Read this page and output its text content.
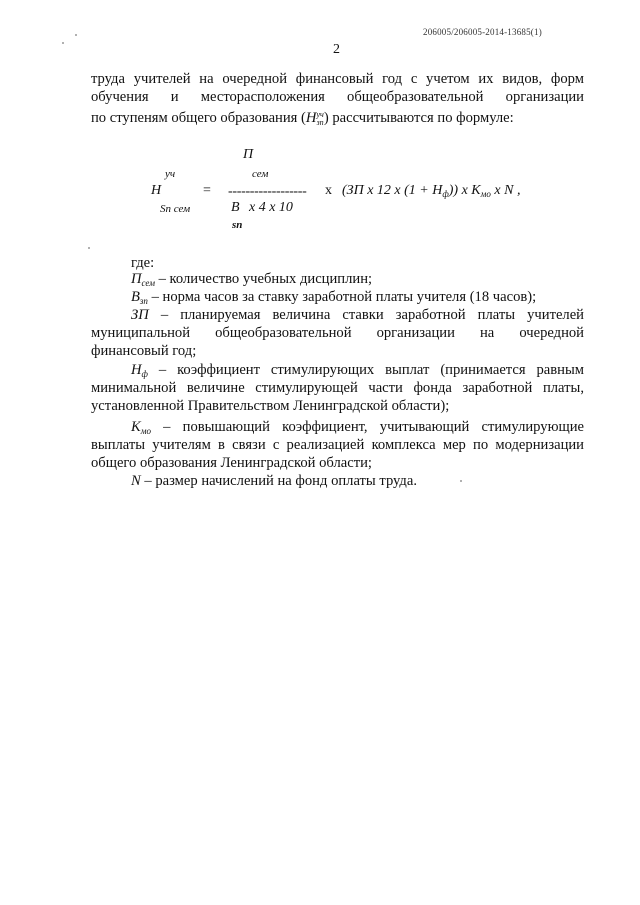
206005/206005-2014-13685(1)
2
труда учителей на очередной финансовый год с учетом их видов, форм
обучения и месторасположения общеобразовательной организации
по ступеням общего образования (H уч
зп ) рассчитываются по формуле:
П
сем
уч
H
Sп сем
= ------------------
В х 4 х 10
sп
х (ЗП х 12 х $(1 + H_ф)$) х $K_{мо}$ х N ,
где:
$П_{сем}$ – количество учебных дисциплин;
$В_{зп}$ – норма часов за ставку заработной платы учителя (18 часов);
ЗП – планируемая величина ставки заработной платы учителей
муниципальной общеобразовательной организации на очередной
финансовый год;
$H_ф$ – коэффициент стимулирующих выплат (принимается равным
минимальной величине стимулирующей части фонда заработной платы,
установленной Правительством Ленинградской области);
$K_{мо}$ – повышающий коэффициент, учитывающий стимулирующие
выплаты учителям в связи с реализацией комплекса мер по модернизации
общего образования Ленинградской области;
N – размер начислений на фонд оплаты труда.
